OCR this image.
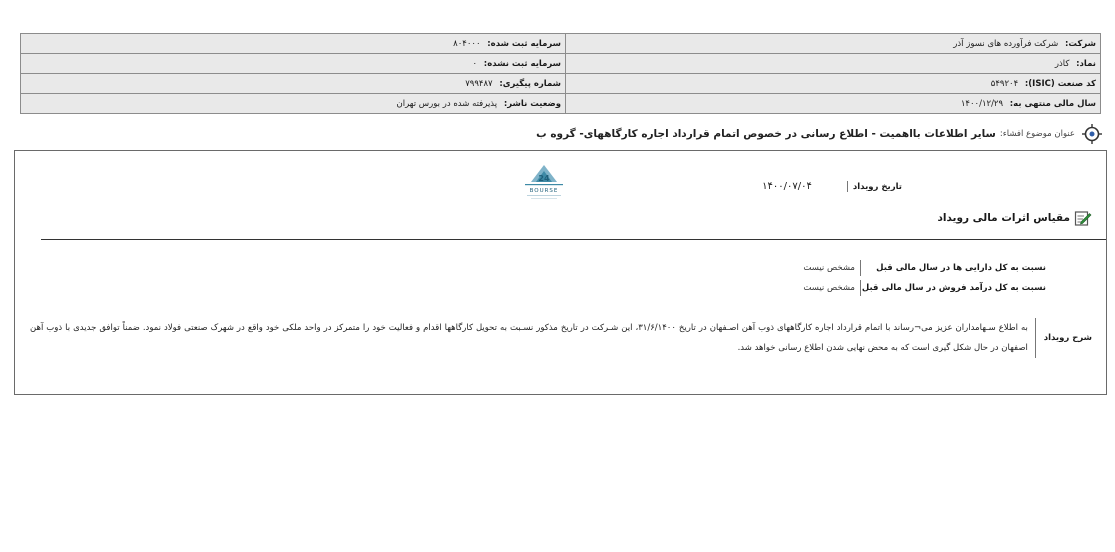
شرکت: شرکت فرآورده های نسوز آذر	سرمایه ثبت شده: ۸۰۴۰۰۰
نماد: کاذر	سرمایه ثبت نشده: ۰
کد صنعت (ISIC): ۵۴۹۲۰۴	شماره پیگیری: ۷۹۹۴۸۷
سال مالی منتهی به: ۱۴۰۰/۱۲/۲۹	وضعیت ناشر: پذیرفته شده در بورس تهران
عنوان موضوع افشاء:
سایر اطلاعات بااهمیت - اطلاع رسانی در خصوص اتمام قرارداد اجاره کارگاههای- گروه ب
24
BOURSE	تاریخ رویداد
۱۴۰۰/۰۷/۰۴
مقیاس اثرات مالی رویداد
نسبت به کل دارایی ها در سال مالی قبل
مشخص نیست
نسبت به کل درآمد فروش در سال مالی قبل
مشخص نیست
شرح رویداد
به اطلاع سـهامداران عزیز می¬رساند با اتمام قرارداد اجاره کارگاههای ذوب آهن اصـفهان در تاریخ ۳۱/۶/۱۴۰۰، این شـرکت در تاریخ مذکور نسـبت به تحویل کارگاهها اقدام و فعالیت خود را متمرکز در واحد ملکی خود واقع در شهرک صنعتی فولاد نمود. ضمناً توافق جدیدی با ذوب آهن اصفهان در حال شکل گیری است که به محض نهایی شدن اطلاع رسانی خواهد شد.
